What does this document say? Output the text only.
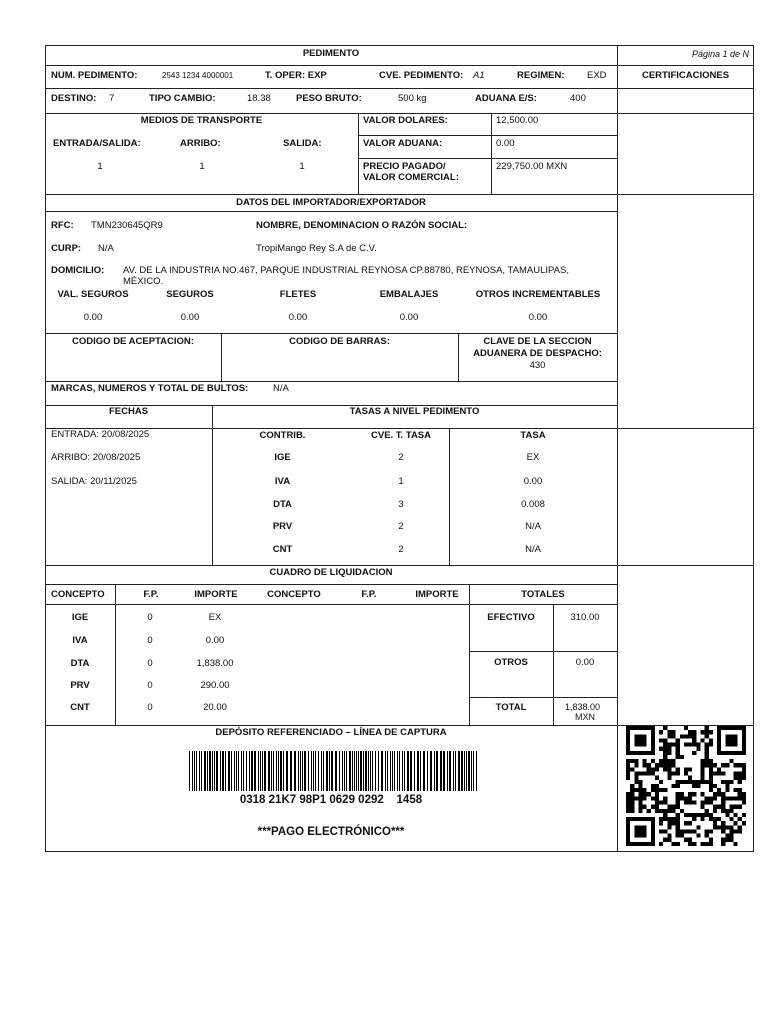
PEDIMENTO	Página 1 de N
CERTIFICACIONES
NUM. PEDIMENTO:	2543 1234 4000001	T. OPER: EXP	CVE. PEDIMENTO: A1	REGIMEN: EXD
DESTINO: 7	TIPO CAMBIO:	18.38	PESO BRUTO:	500 kg	ADUANA E/S:	400
MEDIOS DE TRANSPORTE
ENTRADA/SALIDA:	ARRIBO:	SALIDA:
1	1	1
VALOR DOLARES:	12,500.00
VALOR ADUANA:	0.00
PRECIO PAGADO/
VALOR COMERCIAL:
229,750.00 MXN
DATOS DEL IMPORTADOR/EXPORTADOR
RFC: TMN230645QR9	NOMBRE, DENOMINACION O RAZÓN SOCIAL:
CURP: N/A	TropiMango Rey S.A de C.V.
DOMICILIO: AV. DE LA INDUSTRIA NO.467, PARQUE INDUSTRIAL REYNOSA CP.88780, REYNOSA, TAMAULIPAS,
MÉXICO.
VAL. SEGUROS	SEGUROS	FLETES	EMBALAJES	OTROS INCREMENTABLES
0.00	0.00	0.00	0.00	0.00
CODIGO DE ACEPTACION:	CODIGO DE BARRAS:	CLAVE DE LA SECCION
ADUANERA DE DESPACHO:
430
MARCAS, NUMEROS Y TOTAL DE BULTOS:	N/A
FECHAS
ENTRADA: 20/08/2025
ARRIBO: 20/08/2025
SALIDA: 20/11/2025
TASAS A NIVEL PEDIMENTO
CONTRIB.	CVE. T. TASA	TASA
IGE	2	EX
IVA	1	0.00
DTA	3	0.008
PRV	2	N/A
CNT	2	N/A
CUADRO DE LIQUIDACION
CONCEPTO	F.P.	IMPORTE	CONCEPTO	F.P.	IMPORTE	TOTALES
IGE	0	EX
IVA	0	0.00
DTA	0	1,838.00
PRV	0	290.00
CNT	0	20.00
EFECTIVO	310.00
OTROS	0.00
TOTAL	1,838.00
MXN
DEPÓSITO REFERENCIADO – LÍNEA DE CAPTURA
0318 21K7 98P1 0629 0292    1458
***PAGO ELECTRÓNICO***
